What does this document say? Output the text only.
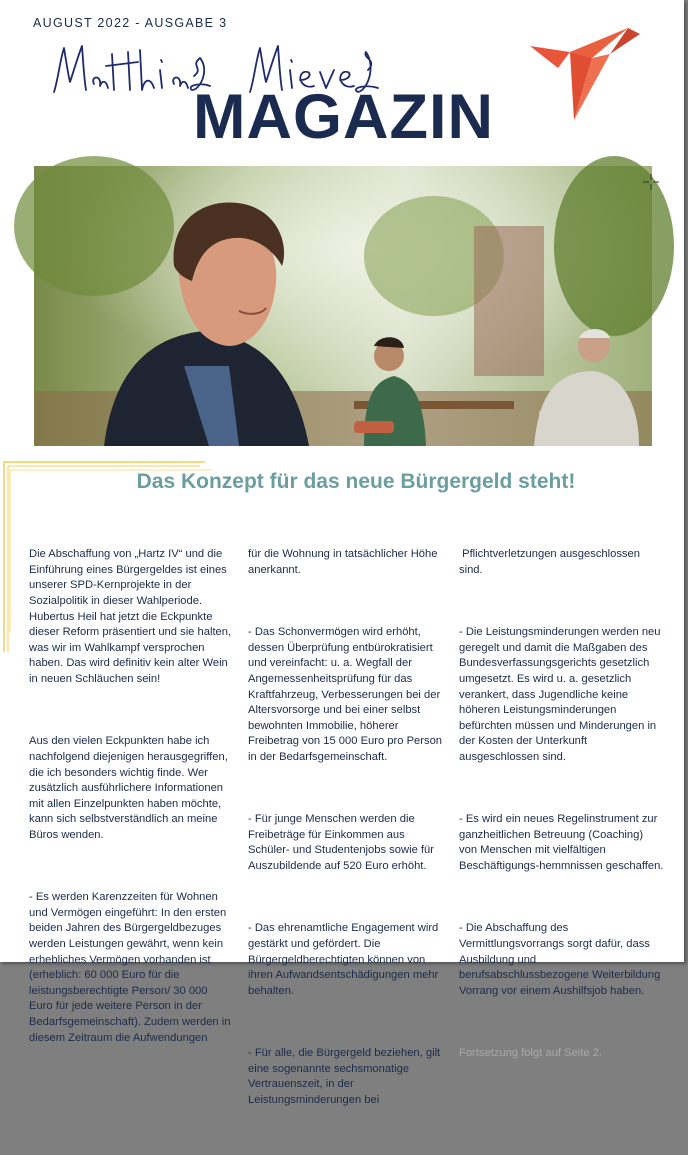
AUGUST 2022 - AUSGABE 3
MAGAZIN
Das Konzept für das neue Bürgergeld steht!

Die Abschaffung von „Hartz IV“ und die Einführung eines Bürgergeldes ist eines unserer SPD-Kernprojekte in der Sozialpolitik in dieser Wahlperiode. Hubertus Heil hat jetzt die Eckpunkte dieser Reform präsentiert und sie halten, was wir im Wahlkampf versprochen haben. Das wird definitiv kein alter Wein in neuen Schläuchen sein!

Aus den vielen Eckpunkten habe ich nachfolgend diejenigen herausgegriffen, die ich besonders wichtig finde. Wer zusätzlich ausführlichere Informationen mit allen Einzelpunkten haben möchte, kann sich selbstverständlich an meine Büros wenden.

- Es werden Karenzzeiten für Wohnen und Vermögen eingeführt: In den ersten beiden Jahren des Bürgergeldbezuges werden Leistungen gewährt, wenn kein erhebliches Vermögen vorhanden ist (erheblich: 60 000 Euro für die leistungsberechtigte Person/ 30 000 Euro für jede weitere Person in der Bedarfsgemeinschaft). Zudem werden in diesem Zeitraum die Aufwendungen

für die Wohnung in tatsächlicher Höhe anerkannt.

- Das Schonvermögen wird erhöht, dessen Überprüfung entbürokratisiert und vereinfacht: u. a. Wegfall der Angemessenheitsprüfung für das Kraftfahrzeug, Verbesserungen bei der Altersvorsorge und bei einer selbst bewohnten Immobilie, höherer Freibetrag von 15 000 Euro pro Person in der Bedarfsgemeinschaft.

- Für junge Menschen werden die Freibeträge für Einkommen aus Schüler- und Studentenjobs sowie für Auszubildende auf 520 Euro erhöht.

- Das ehrenamtliche Engagement wird gestärkt und gefördert. Die Bürgergeldberechtigten können von ihren Aufwandsentschädigungen mehr behalten.

- Für alle, die Bürgergeld beziehen, gilt eine sogenannte sechsmonatige Vertrauenszeit, in der Leistungsminderungen bei

Pflichtverletzungen ausgeschlossen sind.

- Die Leistungsminderungen werden neu geregelt und damit die Maßgaben des Bundesverfassungsgerichts gesetzlich umgesetzt. Es wird u. a. gesetzlich verankert, dass Jugendliche keine höheren Leistungsminderungen befürchten müssen und Minderungen in der Kosten der Unterkunft ausgeschlossen sind.

- Es wird ein neues Regelinstrument zur ganzheitlichen Betreuung (Coaching) von Menschen mit vielfältigen Beschäftigungs-hemmnissen geschaffen.

- Die Abschaffung des Vermittlungsvorrangs sorgt dafür, dass Ausbildung und berufsabschlussbezogene Weiterbildung Vorrang vor einem Aushilfsjob haben.

Fortsetzung folgt auf Seite 2.
